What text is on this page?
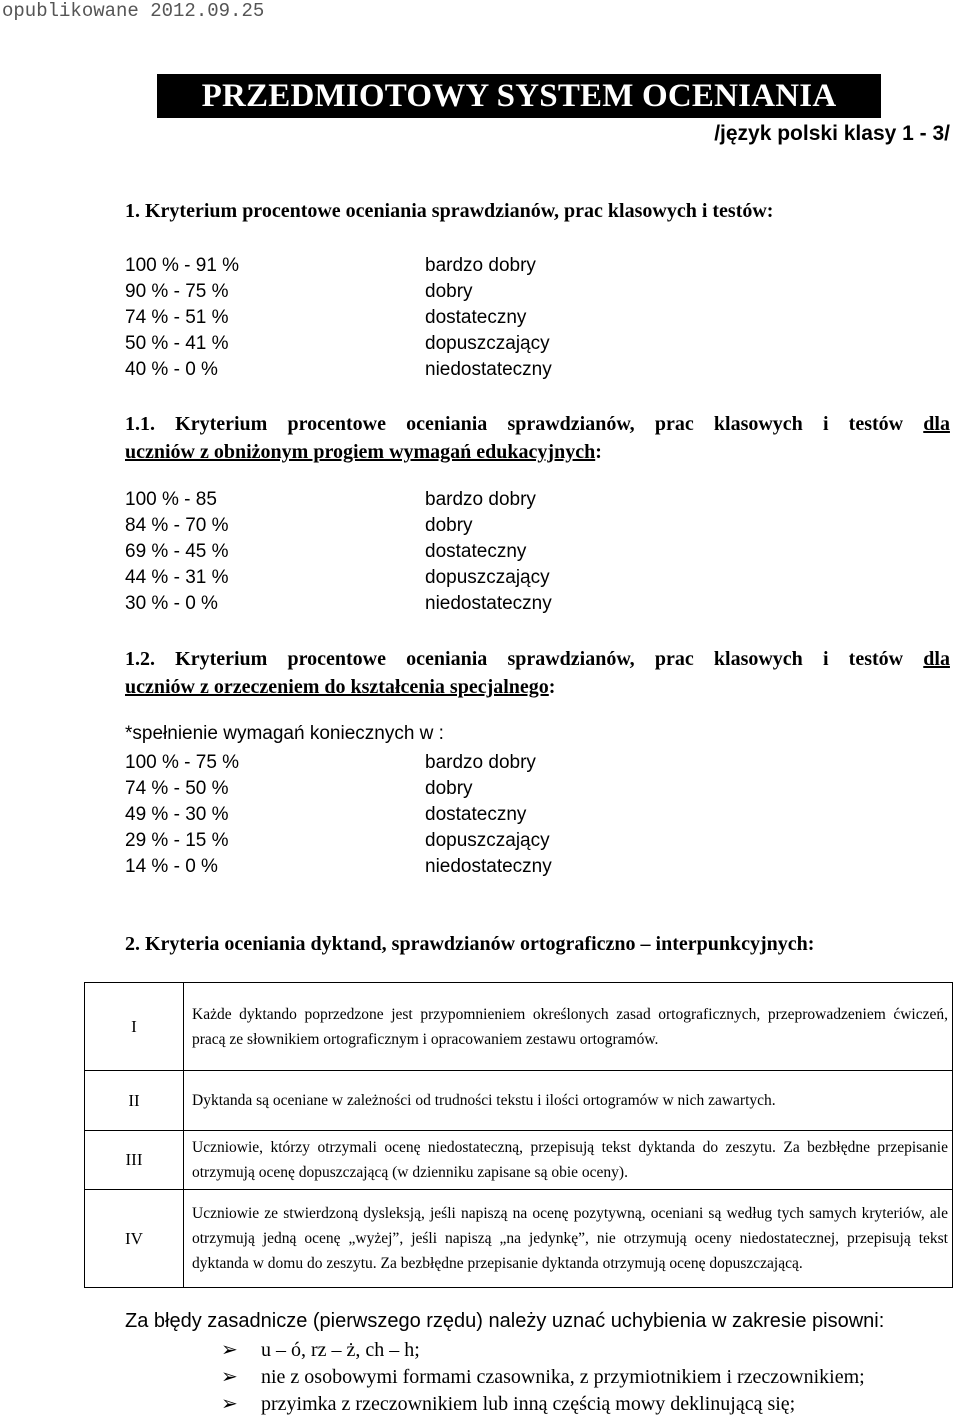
opublikowane 2012.09.25
PRZEDMIOTOWY SYSTEM OCENIANIA
/język polski klasy 1 - 3/
1. Kryterium procentowe oceniania sprawdzianów, prac klasowych i testów:
100 % - 91 %	bardzo dobry
90 % - 75 %	dobry
74 % - 51 %	dostateczny
50 % - 41 %	dopuszczający
40 % - 0 %	niedostateczny
1.1. Kryterium procentowe oceniania sprawdzianów, prac klasowych i testów dla
uczniów z obniżonym progiem wymagań edukacyjnych:
100 % - 85	bardzo dobry
84 % - 70 %	dobry
69 % - 45 %	dostateczny
44 % - 31 %	dopuszczający
30 % - 0 %	niedostateczny
1.2. Kryterium procentowe oceniania sprawdzianów, prac klasowych i testów dla
uczniów z orzeczeniem do kształcenia specjalnego:
*spełnienie wymagań koniecznych w :
100 % - 75 %	bardzo dobry
74 % - 50 %	dobry
49 % - 30 %	dostateczny
29 % - 15 %	dopuszczający
14 % - 0 %	niedostateczny
2. Kryteria oceniania dyktand, sprawdzianów ortograficzno – interpunkcyjnych:
I	Każde dyktando poprzedzone jest przypomnieniem określonych zasad ortograficznych, przeprowadzeniem ćwiczeń, pracą ze słownikiem ortograficznym i opracowaniem zestawu ortogramów.
II	Dyktanda są oceniane w zależności od trudności tekstu i ilości ortogramów w nich zawartych.
III	Uczniowie, którzy otrzymali ocenę niedostateczną, przepisują tekst dyktanda do zeszytu. Za bezbłędne przepisanie otrzymują ocenę dopuszczającą (w dzienniku zapisane są obie oceny).
IV	Uczniowie ze stwierdzoną dysleksją, jeśli napiszą na ocenę pozytywną, oceniani są według tych samych kryteriów, ale otrzymują jedną ocenę „wyżej”, jeśli napiszą „na jedynkę”, nie otrzymują oceny niedostatecznej, przepisują tekst dyktanda w domu do zeszytu. Za bezbłędne przepisanie dyktanda otrzymują ocenę dopuszczającą.
Za błędy zasadnicze (pierwszego rzędu) należy uznać uchybienia w zakresie pisowni:
➢ u – ó, rz – ż, ch – h;
➢ nie z osobowymi formami czasownika, z przymiotnikiem i rzeczownikiem;
➢ przyimka z rzeczownikiem lub inną częścią mowy deklinującą się;
